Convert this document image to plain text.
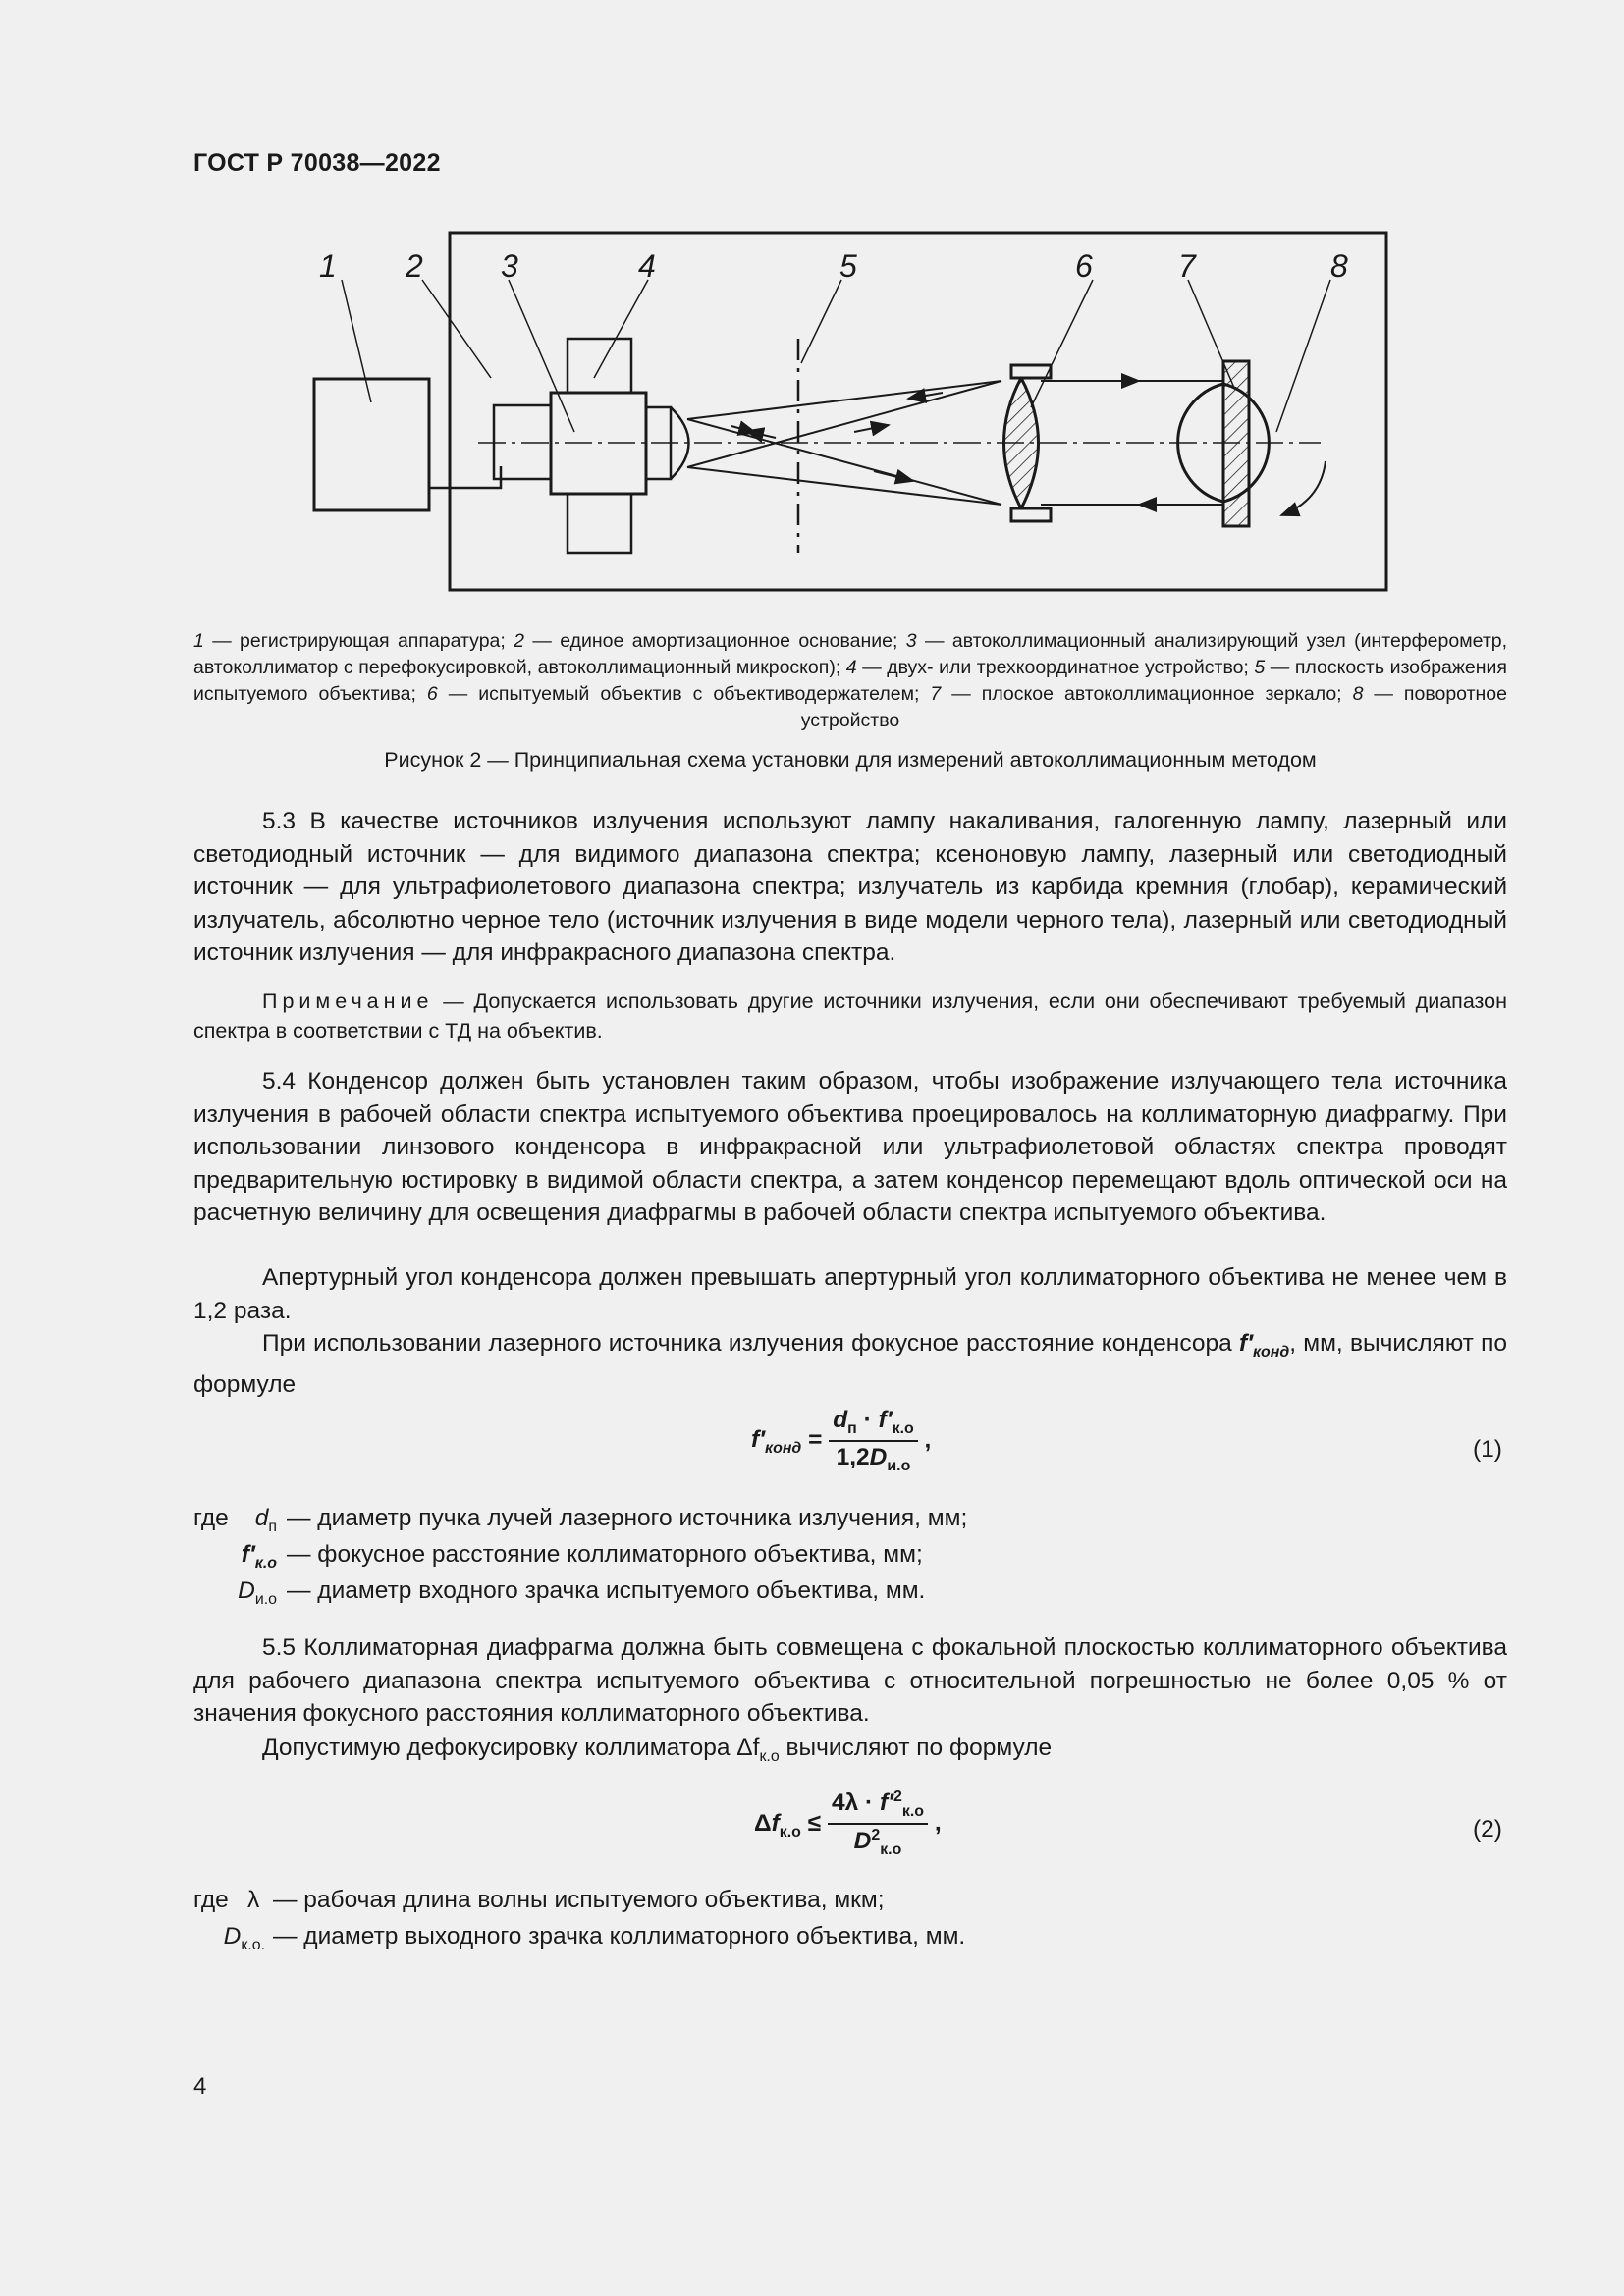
ГОСТ Р 70038—2022
1 2 3	4	5	6	7	8
1 — регистрирующая аппаратура; 2 — единое амортизационное основание; 3 — автоколлимационный анализирующий узел (интерферометр, автоколлиматор с перефокусировкой, автоколлимационный микроскоп); 4 — двух- или трехкоординатное устройство; 5 — плоскость изображения испытуемого объектива; 6 — испытуемый объектив с объективодержателем; 7 — плоское автоколлимационное зеркало; 8 — поворотное устройство
Рисунок 2 — Принципиальная схема установки для измерений автоколлимационным методом
5.3 В качестве источников излучения используют лампу накаливания, галогенную лампу, лазерный или светодиодный источник — для видимого диапазона спектра; ксеноновую лампу, лазерный или светодиодный источник — для ультрафиолетового диапазона спектра; излучатель из карбида кремния (глобар), керамический излучатель, абсолютно черное тело (источник излучения в виде модели черного тела), лазерный или светодиодный источник излучения — для инфракрасного диапазона спектра.
Примечание — Допускается использовать другие источники излучения, если они обеспечивают требуемый диапазон спектра в соответствии с ТД на объектив.
5.4 Конденсор должен быть установлен таким образом, чтобы изображение излучающего тела источника излучения в рабочей области спектра испытуемого объектива проецировалось на коллиматорную диафрагму. При использовании линзового конденсора в инфракрасной или ультрафиолетовой областях спектра проводят предварительную юстировку в видимой области спектра, а затем конденсор перемещают вдоль оптической оси на расчетную величину для освещения диафрагмы в рабочей области спектра испытуемого объектива.
Апертурный угол конденсора должен превышать апертурный угол коллиматорного объектива не менее чем в 1,2 раза.
При использовании лазерного источника излучения фокусное расстояние конденсора $f'_{конд}$, мм, вычисляют по формуле
$f'_{конд} = \frac{d_п \cdot f'_{к.о}}{1,2D_{и.о}}$ ,	(1)
где	$d_п$ — диаметр пучка лучей лазерного источника излучения, мм;
$f'_{к.о}$ — фокусное расстояние коллиматорного объектива, мм;
$D_{и.о}$ — диаметр входного зрачка испытуемого объектива, мм.
5.5 Коллиматорная диафрагма должна быть совмещена с фокальной плоскостью коллиматорного объектива для рабочего диапазона спектра испытуемого объектива с относительной погрешностью не более 0,05 % от значения фокусного расстояния коллиматорного объектива.
Допустимую дефокусировку коллиматора $\Delta f_{к.о}$ вычисляют по формуле
$\Delta f_{к.о} \le \frac{4\lambda \cdot f'^2_{к.о}}{D^2_{к.о}}$ ,	(2)
где λ — рабочая длина волны испытуемого объектива, мкм;
$D_{к.о.}$ — диаметр выходного зрачка коллиматорного объектива, мм.
4
